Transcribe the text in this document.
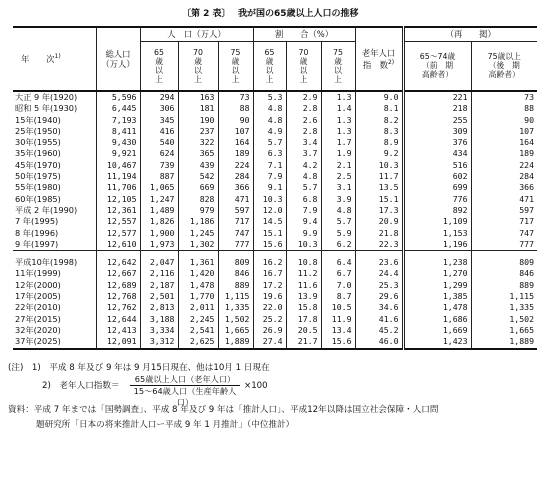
〔第 2 表〕 我が国の65歳以上人口の推移
年　　次$^{1)}$	総人口
（万人）	人　口（万人）			割　　合（%）			老年人口
指　数$^{2)}$	（再　　掲）	
		65
歳
以
上	70
歳
以
上	75
歳
以
上	65
歳
以
上	70
歳
以
上	75
歳
以
上		65～74歳
（前　期
高齢者）	75歳以上
（後　期
高齢者）
大正 9 年(1920)	5,596	294	163	73	5.3	2.9	1.3	9.0	221	73
昭和 5 年(1930)	6,445	306	181	88	4.8	2.8	1.4	8.1	218	88
15年(1940)	7,193	345	190	90	4.8	2.6	1.3	8.2	255	90
25年(1950)	8,411	416	237	107	4.9	2.8	1.3	8.3	309	107
30年(1955)	9,430	540	322	164	5.7	3.4	1.7	8.9	376	164
35年(1960)	9,921	624	365	189	6.3	3.7	1.9	9.2	434	189
45年(1970)	10,467	739	439	224	7.1	4.2	2.1	10.3	516	224
50年(1975)	11,194	887	542	284	7.9	4.8	2.5	11.7	602	284
55年(1980)	11,706	1,065	669	366	9.1	5.7	3.1	13.5	699	366
60年(1985)	12,105	1,247	828	471	10.3	6.8	3.9	15.1	776	471
平成 2 年(1990)	12,361	1,489	979	597	12.0	7.9	4.8	17.3	892	597
7 年(1995)	12,557	1,826	1,186	717	14.5	9.4	5.7	20.9	1,109	717
8 年(1996)	12,577	1,900	1,245	747	15.1	9.9	5.9	21.8	1,153	747
9 年(1997)	12,610	1,973	1,302	777	15.6	10.3	6.2	22.3	1,196	777

平成10年(1998)	12,642	2,047	1,361	809	16.2	10.8	6.4	23.6	1,238	809
11年(1999)	12,667	2,116	1,420	846	16.7	11.2	6.7	24.4	1,270	846
12年(2000)	12,689	2,187	1,478	889	17.2	11.6	7.0	25.3	1,299	889
17年(2005)	12,768	2,501	1,770	1,115	19.6	13.9	8.7	29.6	1,385	1,115
22年(2010)	12,762	2,813	2,011	1,335	22.0	15.8	10.5	34.6	1,478	1,335
27年(2015)	12,644	3,188	2,245	1,502	25.2	17.8	11.9	41.6	1,686	1,502
32年(2020)	12,413	3,334	2,541	1,665	26.9	20.5	13.4	45.2	1,669	1,665
37年(2025)	12,091	3,312	2,625	1,889	27.4	21.7	15.6	46.0	1,423	1,889
(注)　1)　平成 8 年及び 9 年は 9 月15日現在、他は10月 1 日現在
2)　老年人口指数＝
65歳以上人口（老年人口）
15～64歳人口（生産年齢人口）
×100
資料：平成 7 年までは「国勢調査」、平成 8 年及び 9 年は「推計人口」、平成12年以降は国立社会保障・人口問
題研究所「日本の将来推計人口ー平成 9 年 1 月推計」（中位推計）
